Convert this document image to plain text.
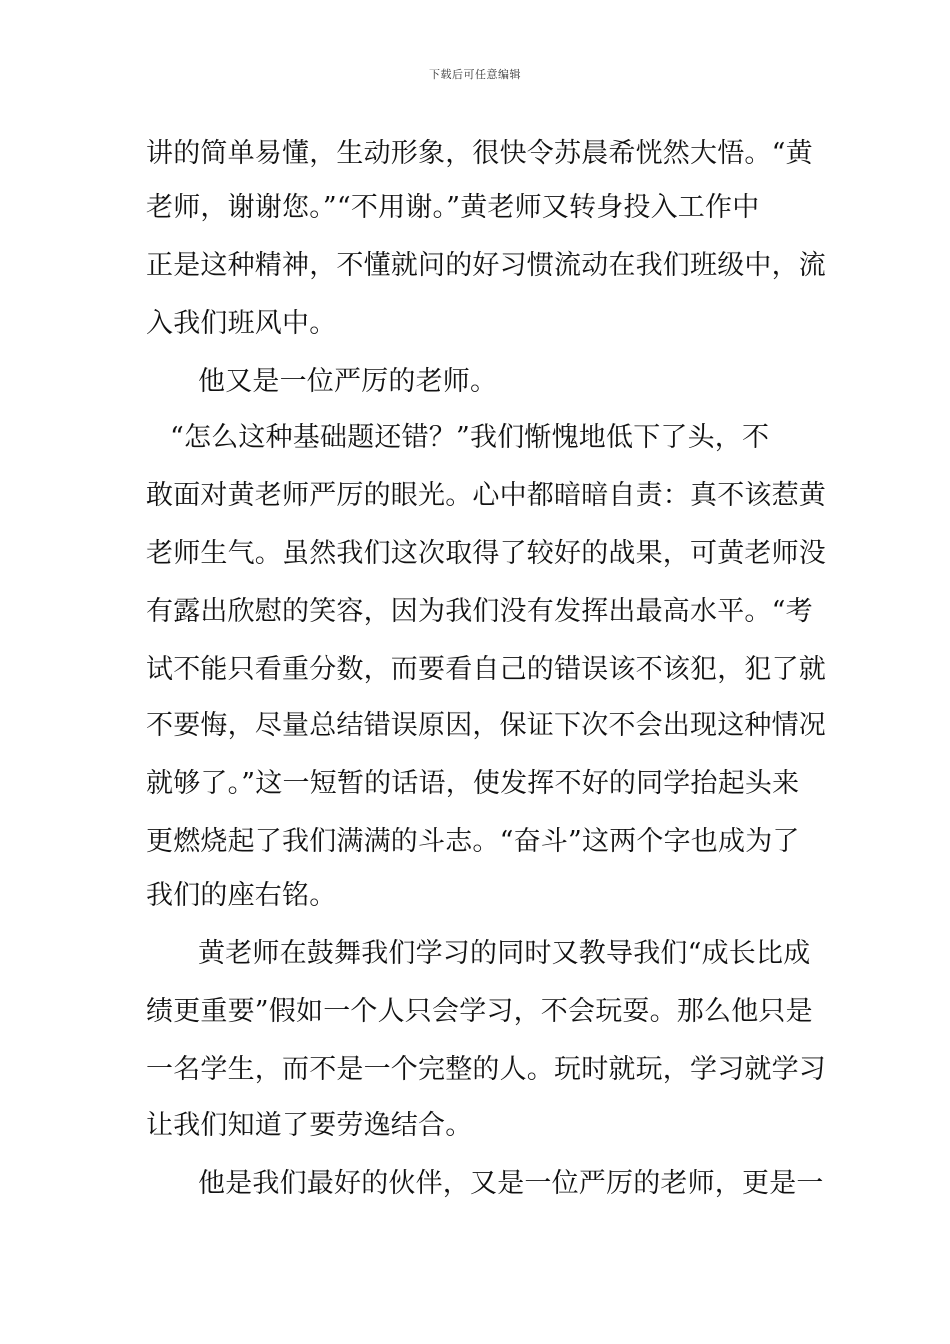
下载后可任意编辑
讲的简单易懂，生动形象，很快令苏晨希恍然大悟。“黄
老师，谢谢您。”“不用谢。”黄老师又转身投入工作中
正是这种精神，不懂就问的好习惯流动在我们班级中，流
入我们班风中。
他又是一位严厉的老师。
“怎么这种基础题还错？”我们惭愧地低下了头，不
敢面对黄老师严厉的眼光。心中都暗暗自责：真不该惹黄
老师生气。虽然我们这次取得了较好的战果，可黄老师没
有露出欣慰的笑容，因为我们没有发挥出最高水平。“考
试不能只看重分数，而要看自己的错误该不该犯，犯了就
不要悔，尽量总结错误原因，保证下次不会出现这种情况
就够了。”这一短暂的话语，使发挥不好的同学抬起头来
更燃烧起了我们满满的斗志。“奋斗”这两个字也成为了
我们的座右铭。
黄老师在鼓舞我们学习的同时又教导我们“成长比成
绩更重要”假如一个人只会学习，不会玩耍。那么他只是
一名学生，而不是一个完整的人。玩时就玩，学习就学习
让我们知道了要劳逸结合。
他是我们最好的伙伴，又是一位严厉的老师，更是一
